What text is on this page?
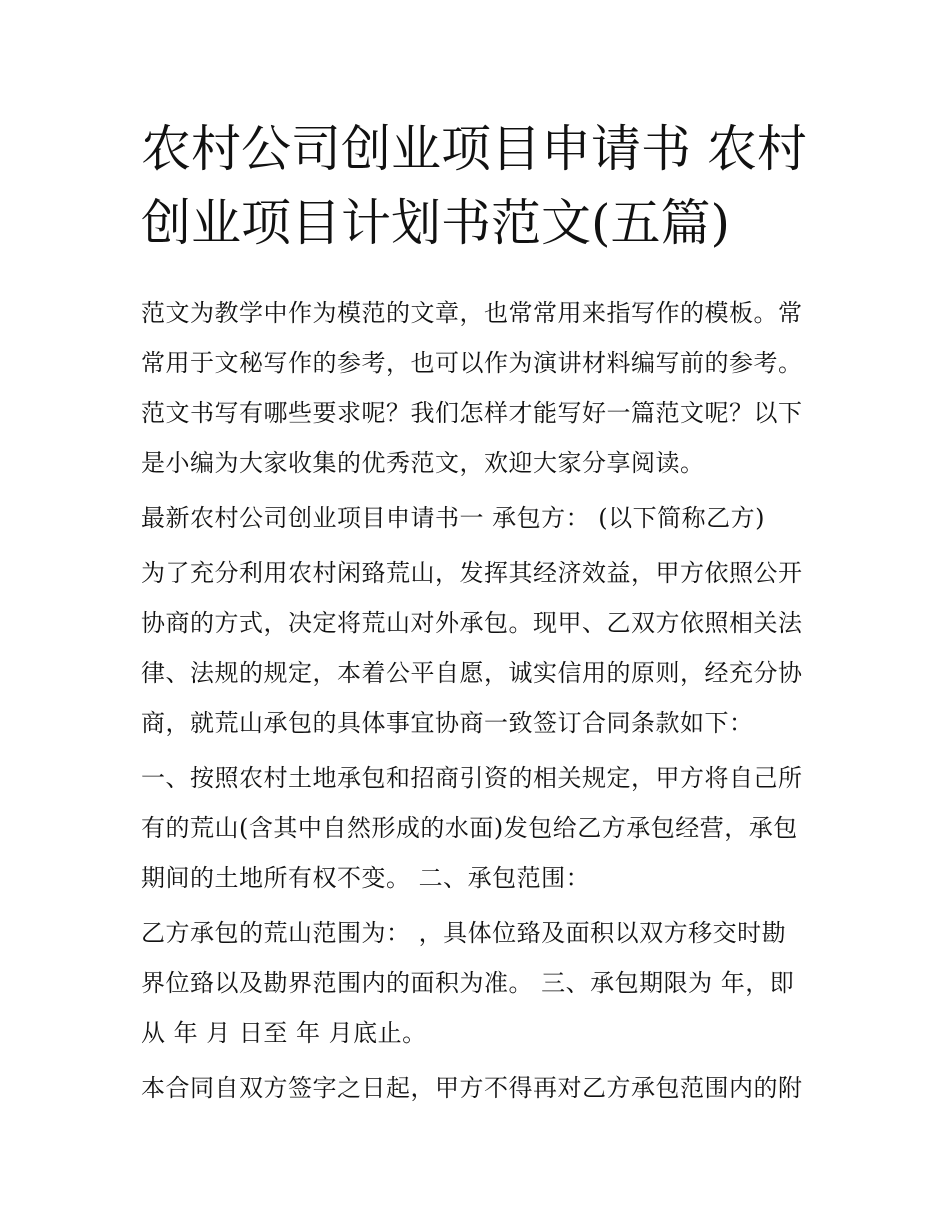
农村公司创业项目申请书 农村
创业项目计划书范文(五篇)

范文为教学中作为模范的文章，也常常用来指写作的模板。常
常用于文秘写作的参考，也可以作为演讲材料编写前的参考。
范文书写有哪些要求呢？我们怎样才能写好一篇范文呢？以下
是小编为大家收集的优秀范文，欢迎大家分享阅读。

最新农村公司创业项目申请书一 承包方： (以下简称乙方)

为了充分利用农村闲臵荒山，发挥其经济效益，甲方依照公开
协商的方式，决定将荒山对外承包。现甲、乙双方依照相关法
律、法规的规定，本着公平自愿，诚实信用的原则，经充分协
商，就荒山承包的具体事宜协商一致签订合同条款如下：

一、按照农村土地承包和招商引资的相关规定，甲方将自己所
有的荒山(含其中自然形成的水面)发包给乙方承包经营，承包
期间的土地所有权不变。 二、承包范围：

乙方承包的荒山范围为： ，具体位臵及面积以双方移交时勘
界位臵以及勘界范围内的面积为准。 三、承包期限为 年，即
从 年 月 日至 年 月底止。

本合同自双方签字之日起，甲方不得再对乙方承包范围内的附
